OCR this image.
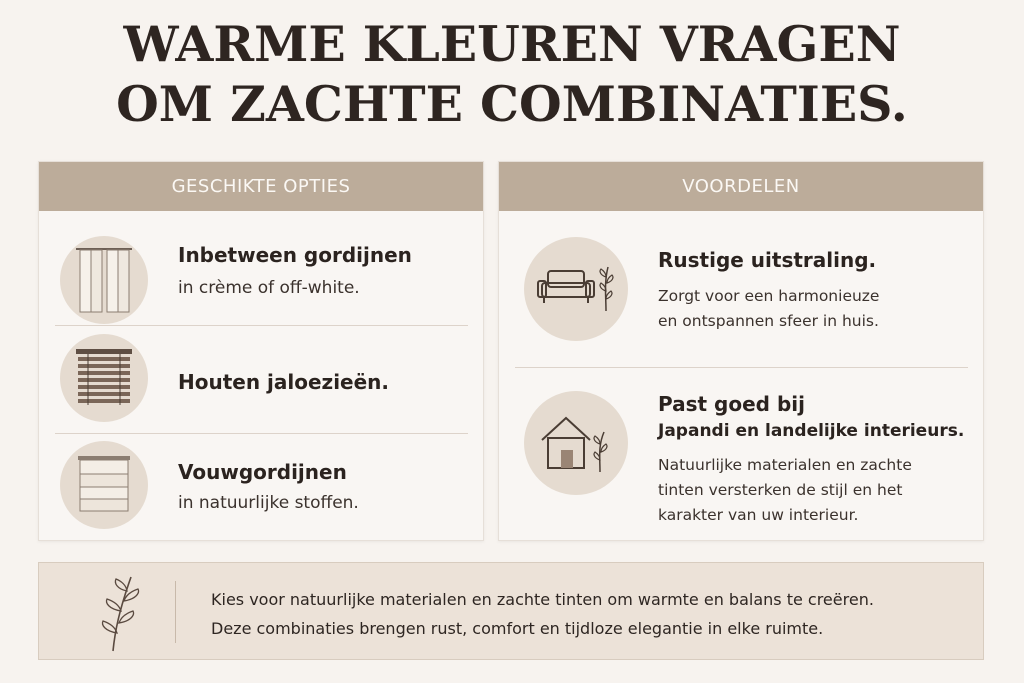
WARME KLEUREN VRAGEN
OM ZACHTE COMBINATIES.
GESCHIKTE OPTIES
Inbetween gordijnen
in crème of off-white.
Houten jaloezieën.
Vouwgordijnen
in natuurlijke stoffen.
VOORDELEN
Rustige uitstraling.
Zorgt voor een harmonieuze
en ontspannen sfeer in huis.
Past goed bij
Japandi en landelijke interieurs.
Natuurlijke materialen en zachte
tinten versterken de stijl en het
karakter van uw interieur.
Kies voor natuurlijke materialen en zachte tinten om warmte en balans te creëren.
Deze combinaties brengen rust, comfort en tijdloze elegantie in elke ruimte.
